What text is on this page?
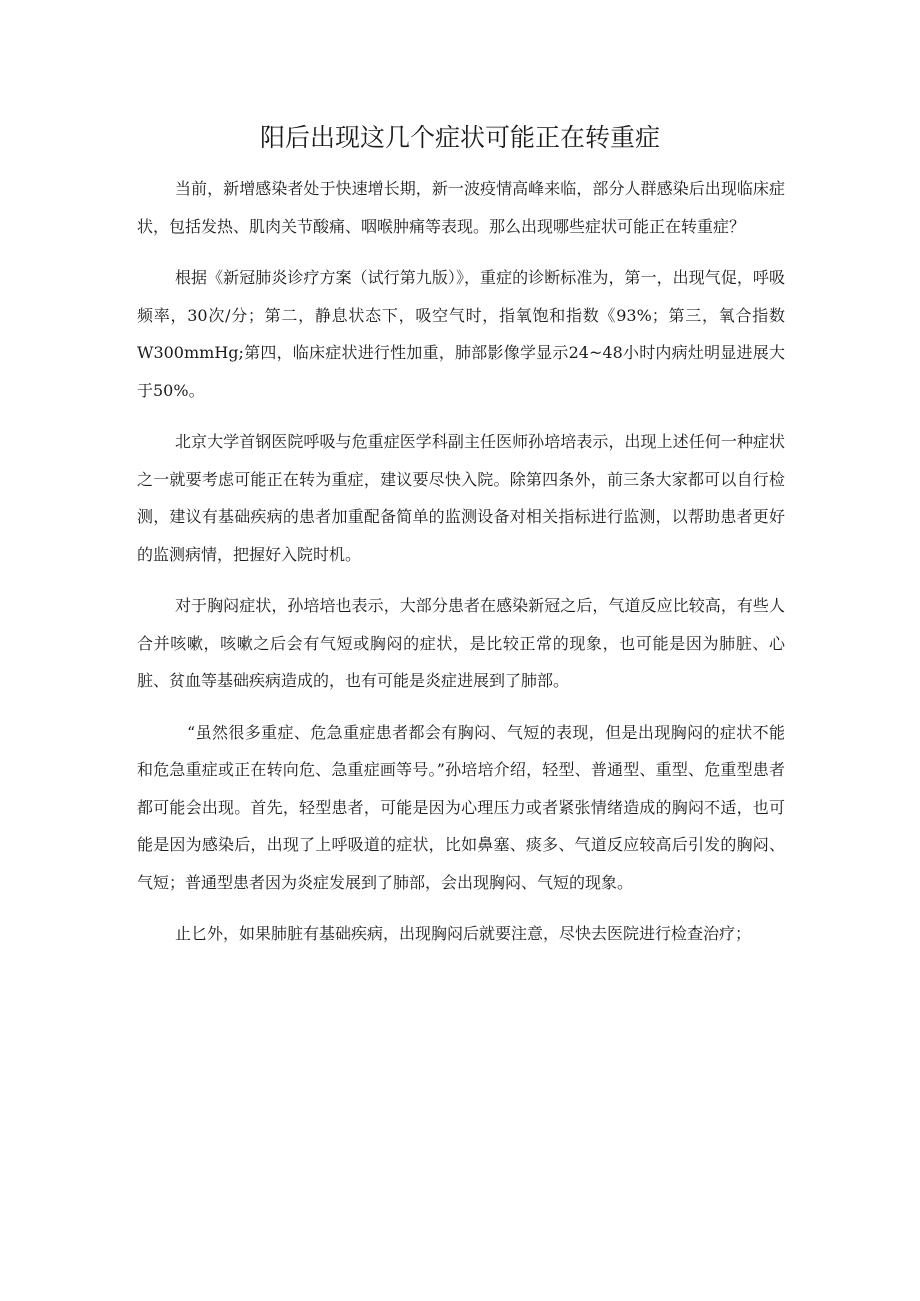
阳后出现这几个症状可能正在转重症

当前，新增感染者处于快速增长期，新一波疫情高峰来临，部分人群感染后出现临床症状，包括发热、肌肉关节酸痛、咽喉肿痛等表现。那么出现哪些症状可能正在转重症？

根据《新冠肺炎诊疗方案（试行第九版）》，重症的诊断标准为，第一，出现气促，呼吸频率，30次/分；第二，静息状态下，吸空气时，指氧饱和指数《93%；第三，氧合指数W300mmHg;第四，临床症状进行性加重，肺部影像学显示24~48小时内病灶明显进展大于50%。

北京大学首钢医院呼吸与危重症医学科副主任医师孙培培表示，出现上述任何一种症状之一就要考虑可能正在转为重症，建议要尽快入院。除第四条外，前三条大家都可以自行检测，建议有基础疾病的患者加重配备简单的监测设备对相关指标进行监测，以帮助患者更好的监测病情，把握好入院时机。

对于胸闷症状，孙培培也表示，大部分患者在感染新冠之后，气道反应比较高，有些人合并咳嗽，咳嗽之后会有气短或胸闷的症状，是比较正常的现象，也可能是因为肺脏、心脏、贫血等基础疾病造成的，也有可能是炎症进展到了肺部。

“虽然很多重症、危急重症患者都会有胸闷、气短的表现，但是出现胸闷的症状不能和危急重症或正在转向危、急重症画等号。”孙培培介绍，轻型、普通型、重型、危重型患者都可能会出现。首先，轻型患者，可能是因为心理压力或者紧张情绪造成的胸闷不适，也可能是因为感染后，出现了上呼吸道的症状，比如鼻塞、痰多、气道反应较高后引发的胸闷、气短；普通型患者因为炎症发展到了肺部，会出现胸闷、气短的现象。

止匕外，如果肺脏有基础疾病，出现胸闷后就要注意，尽快去医院进行检查治疗；
